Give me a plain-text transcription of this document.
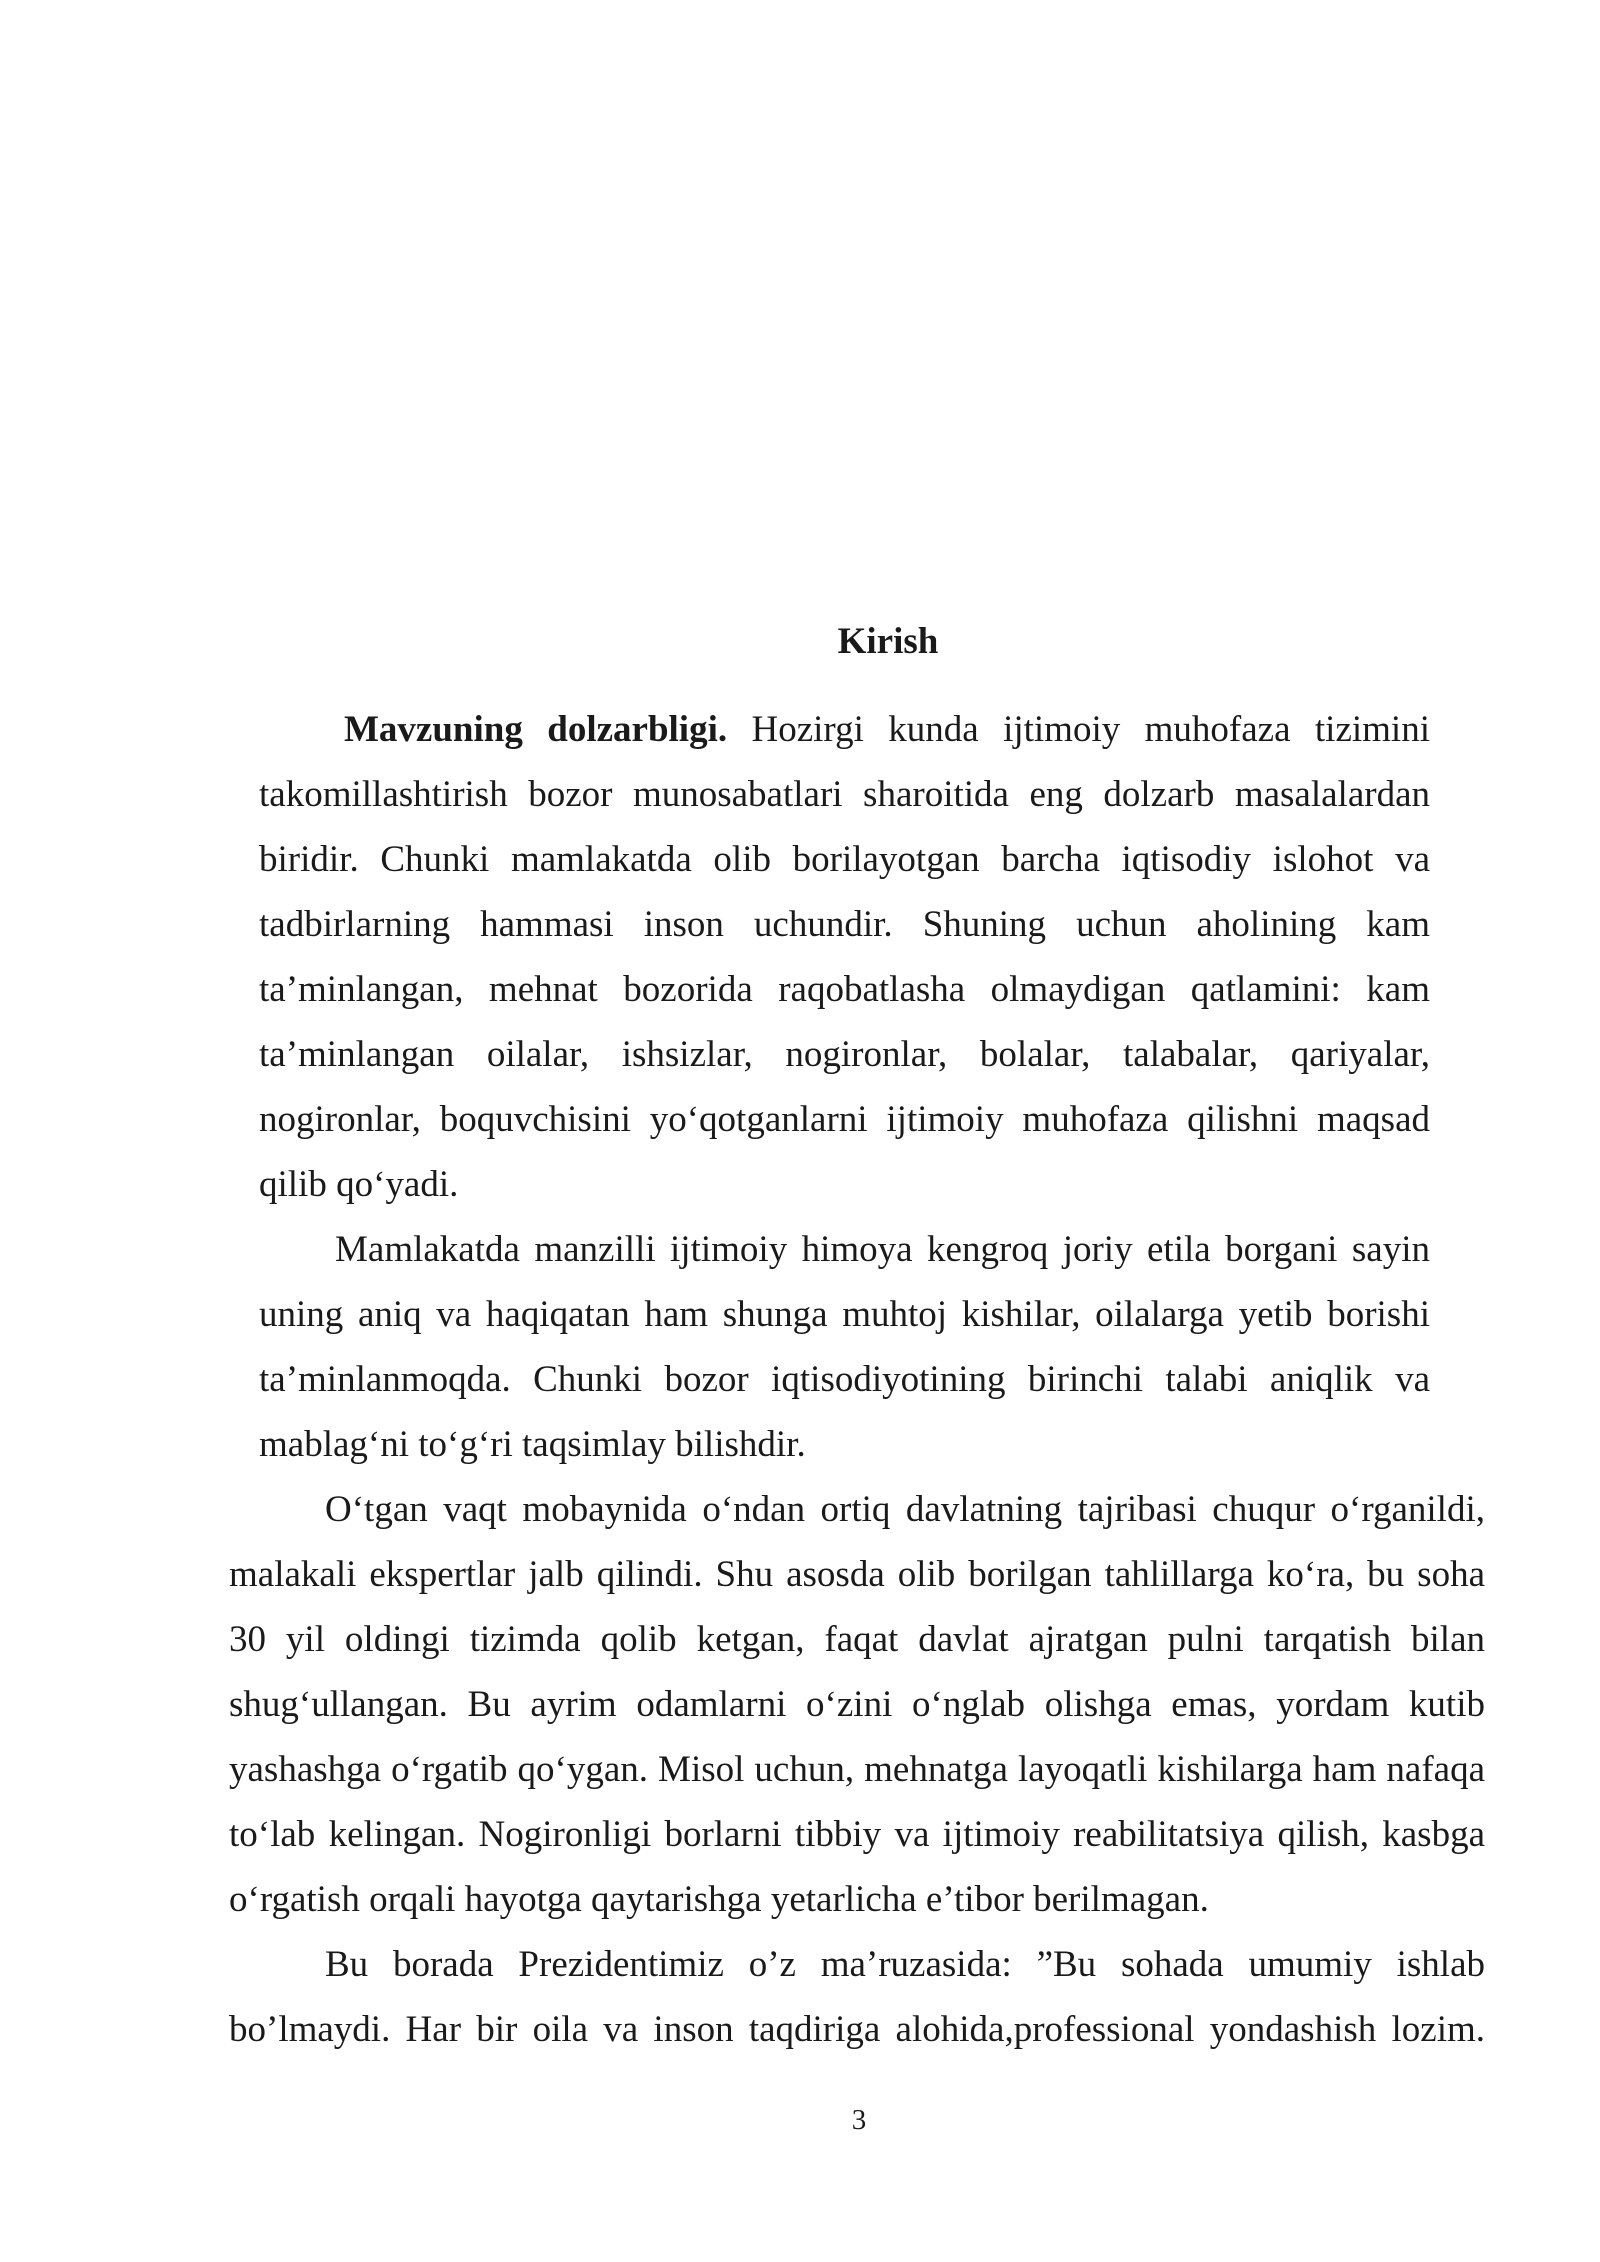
Kirish

Mavzuning dolzarbligi. Hozirgi kunda ijtimoiy muhofaza tizimini takomillashtirish bozor munosabatlari sharoitida eng dolzarb masalalardan biridir. Chunki mamlakatda olib borilayotgan barcha iqtisodiy islohot va tadbirlarning hammasi inson uchundir. Shuning uchun aholining kam ta’minlangan, mehnat bozorida raqobatlasha olmaydigan qatlamini: kam ta’minlangan oilalar, ishsizlar, nogironlar, bolalar, talabalar, qariyalar, nogironlar, boquvchisini yo‘qotganlarni ijtimoiy muhofaza qilishni maqsad qilib qo‘yadi.

Mamlakatda manzilli ijtimoiy himoya kengroq joriy etila borgani sayin uning aniq va haqiqatan ham shunga muhtoj kishilar, oilalarga yetib borishi ta’minlanmoqda. Chunki bozor iqtisodiyotining birinchi talabi aniqlik va mablag‘ni to‘g‘ri taqsimlay bilishdir.

O‘tgan vaqt mobaynida o‘ndan ortiq davlatning tajribasi chuqur o‘rganildi, malakali ekspertlar jalb qilindi. Shu asosda olib borilgan tahlillarga ko‘ra, bu soha 30 yil oldingi tizimda qolib ketgan, faqat davlat ajratgan pulni tarqatish bilan shug‘ullangan. Bu ayrim odamlarni o‘zini o‘nglab olishga emas, yordam kutib yashashga o‘rgatib qo‘ygan. Misol uchun, mehnatga layoqatli kishilarga ham nafaqa to‘lab kelingan. Nogironligi borlarni tibbiy va ijtimoiy reabilitatsiya qilish, kasbga o‘rgatish orqali hayotga qaytarishga yetarlicha e’tibor berilmagan.

Bu borada Prezidentimiz o’z ma’ruzasida: ”Bu sohada umumiy ishlab bo’lmaydi. Har bir oila va inson taqdiriga alohida,professional yondashish lozim.

3
